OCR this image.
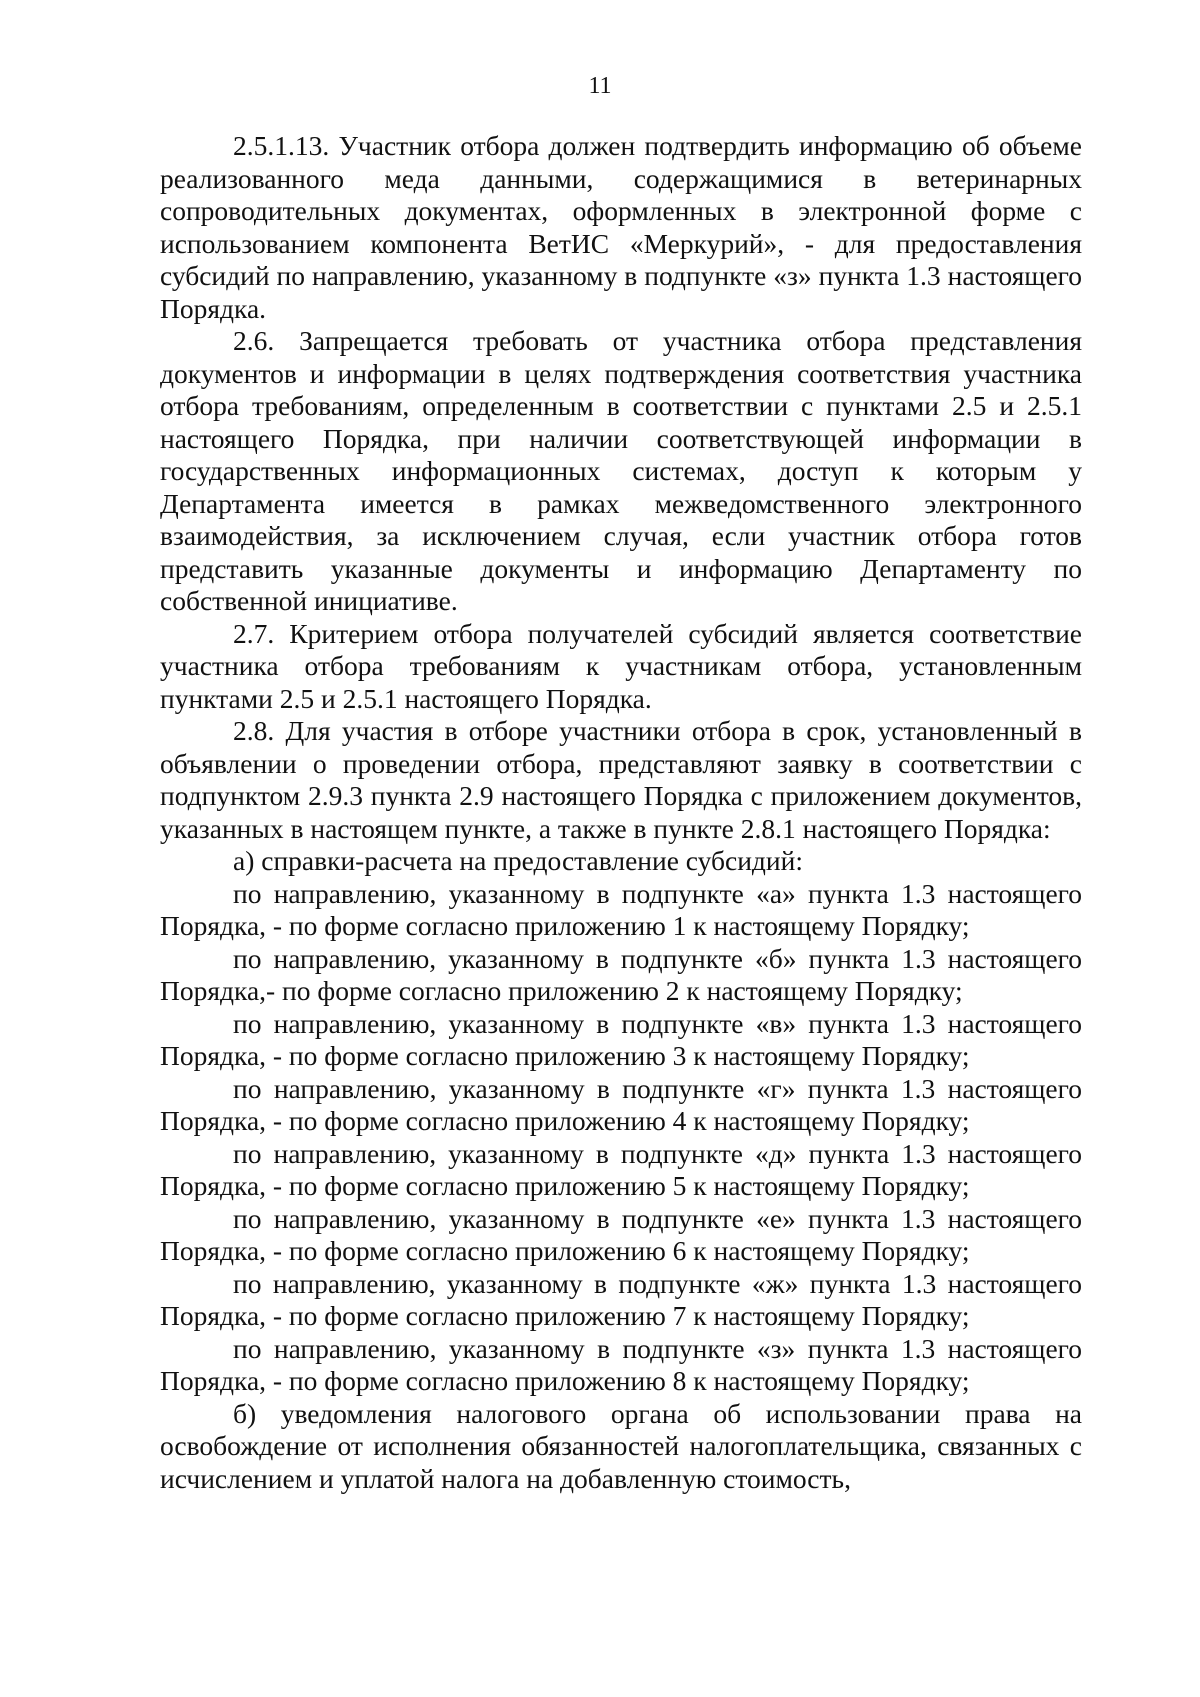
11

2.5.1.13. Участник отбора должен подтвердить информацию об объеме реализованного меда данными, содержащимися в ветеринарных сопроводительных документах, оформленных в электронной форме с использованием компонента ВетИС «Меркурий», - для предоставления субсидий по направлению, указанному в подпункте «з» пункта 1.3 настоящего Порядка.

2.6. Запрещается требовать от участника отбора представления документов и информации в целях подтверждения соответствия участника отбора требованиям, определенным в соответствии с пунктами 2.5 и 2.5.1 настоящего Порядка, при наличии соответствующей информации в государственных информационных системах, доступ к которым у Департамента имеется в рамках межведомственного электронного взаимодействия, за исключением случая, если участник отбора готов представить указанные документы и информацию Департаменту по собственной инициативе.

2.7. Критерием отбора получателей субсидий является соответствие участника отбора требованиям к участникам отбора, установленным пунктами 2.5 и 2.5.1 настоящего Порядка.

2.8. Для участия в отборе участники отбора в срок, установленный в объявлении о проведении отбора, представляют заявку в соответствии с подпунктом 2.9.3 пункта 2.9 настоящего Порядка с приложением документов, указанных в настоящем пункте, а также в пункте 2.8.1 настоящего Порядка:

а) справки-расчета на предоставление субсидий:

по направлению, указанному в подпункте «а» пункта 1.3 настоящего Порядка, - по форме согласно приложению 1 к настоящему Порядку;

по направлению, указанному в подпункте «б» пункта 1.3 настоящего Порядка,- по форме согласно приложению 2 к настоящему Порядку;

по направлению, указанному в подпункте «в» пункта 1.3 настоящего Порядка, - по форме согласно приложению 3 к настоящему Порядку;

по направлению, указанному в подпункте «г» пункта 1.3 настоящего Порядка, - по форме согласно приложению 4 к настоящему Порядку;

по направлению, указанному в подпункте «д» пункта 1.3 настоящего Порядка, - по форме согласно приложению 5 к настоящему Порядку;

по направлению, указанному в подпункте «е» пункта 1.3 настоящего Порядка, - по форме согласно приложению 6 к настоящему Порядку;

по направлению, указанному в подпункте «ж» пункта 1.3 настоящего Порядка, - по форме согласно приложению 7 к настоящему Порядку;

по направлению, указанному в подпункте «з» пункта 1.3 настоящего Порядка, - по форме согласно приложению 8 к настоящему Порядку;

б) уведомления налогового органа об использовании права на освобождение от исполнения обязанностей налогоплательщика, связанных с исчислением и уплатой налога на добавленную стоимость,
